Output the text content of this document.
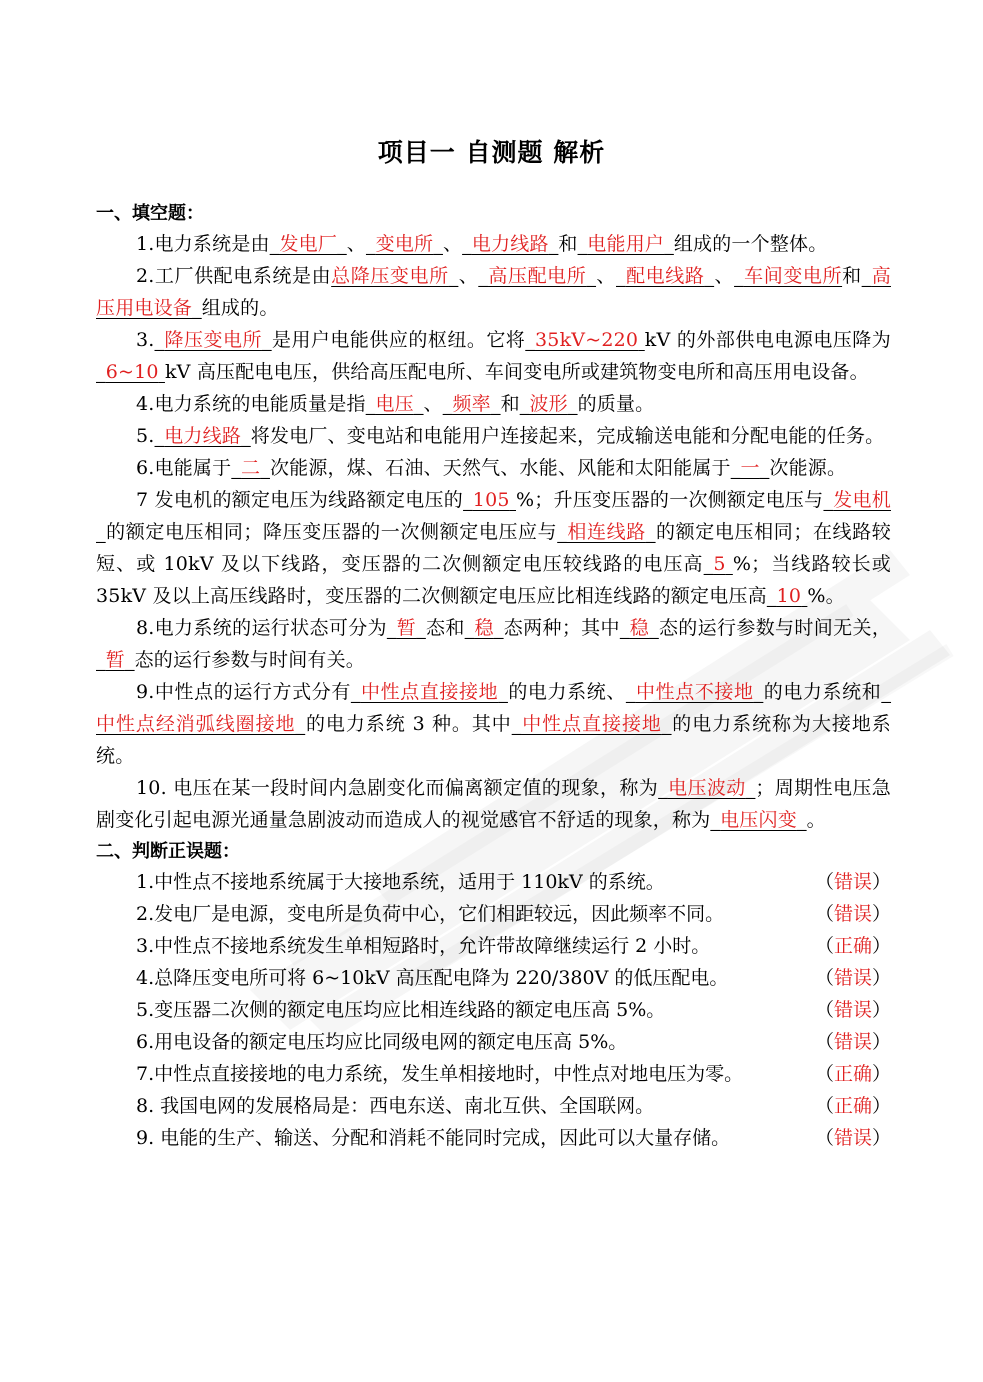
项目一 自测题 解析
一、填空题：

1.电力系统是由_发电厂_、_变电所_、_电力线路_和_电能用户_组成的一个整体。

2.工厂供配电系统是由总降压变电所_、_高压配电所_、_配电线路_、_车间变电所和_高压用电设备_组成的。

3._降压变电所_是用户电能供应的枢纽。它将_35kV~220 kV 的外部供电电源电压降为_6~10 kV 高压配电电压，供给高压配电所、车间变电所或建筑物变电所和高压用电设备。

4.电力系统的电能质量是指_电压_、_频率_和_波形_的质量。

5._电力线路_将发电厂、变电站和电能用户连接起来，完成输送电能和分配电能的任务。

6.电能属于_二_次能源，煤、石油、天然气、水能、风能和太阳能属于_一_次能源。

7 发电机的额定电压为线路额定电压的_105 %；升压变压器的一次侧额定电压与_发电机_的额定电压相同；降压变压器的一次侧额定电压应与_相连线路_的额定电压相同；在线路较短、或 10kV 及以下线路，变压器的二次侧额定电压较线路的电压高_5 %；当线路较长或 35kV 及以上高压线路时，变压器的二次侧额定电压应比相连线路的额定电压高_10 %。

8.电力系统的运行状态可分为_暂_态和_稳_态两种；其中_稳_态的运行参数与时间无关，_暂_态的运行参数与时间有关。

9.中性点的运行方式分有_中性点直接接地_的电力系统、_中性点不接地_的电力系统和_中性点经消弧线圈接地_的电力系统 3 种。其中_中性点直接接地_的电力系统称为大接地系统。

10. 电压在某一段时间内急剧变化而偏离额定值的现象，称为_电压波动_；周期性电压急剧变化引起电源光通量急剧波动而造成人的视觉感官不舒适的现象，称为_电压闪变_。

二、判断正误题：
1.中性点不接地系统属于大接地系统，适用于 110kV 的系统。	（错误）
2.发电厂是电源，变电所是负荷中心，它们相距较远，因此频率不同。	（错误）
3.中性点不接地系统发生单相短路时，允许带故障继续运行 2 小时。	（正确）
4.总降压变电所可将 6~10kV 高压配电降为 220/380V 的低压配电。	（错误）
5.变压器二次侧的额定电压均应比相连线路的额定电压高 5%。	（错误）
6.用电设备的额定电压均应比同级电网的额定电压高 5%。	（错误）
7.中性点直接接地的电力系统，发生单相接地时，中性点对地电压为零。	（正确）
8. 我国电网的发展格局是：西电东送、南北互供、全国联网。	（正确）
9. 电能的生产、输送、分配和消耗不能同时完成，因此可以大量存储。	（错误）
